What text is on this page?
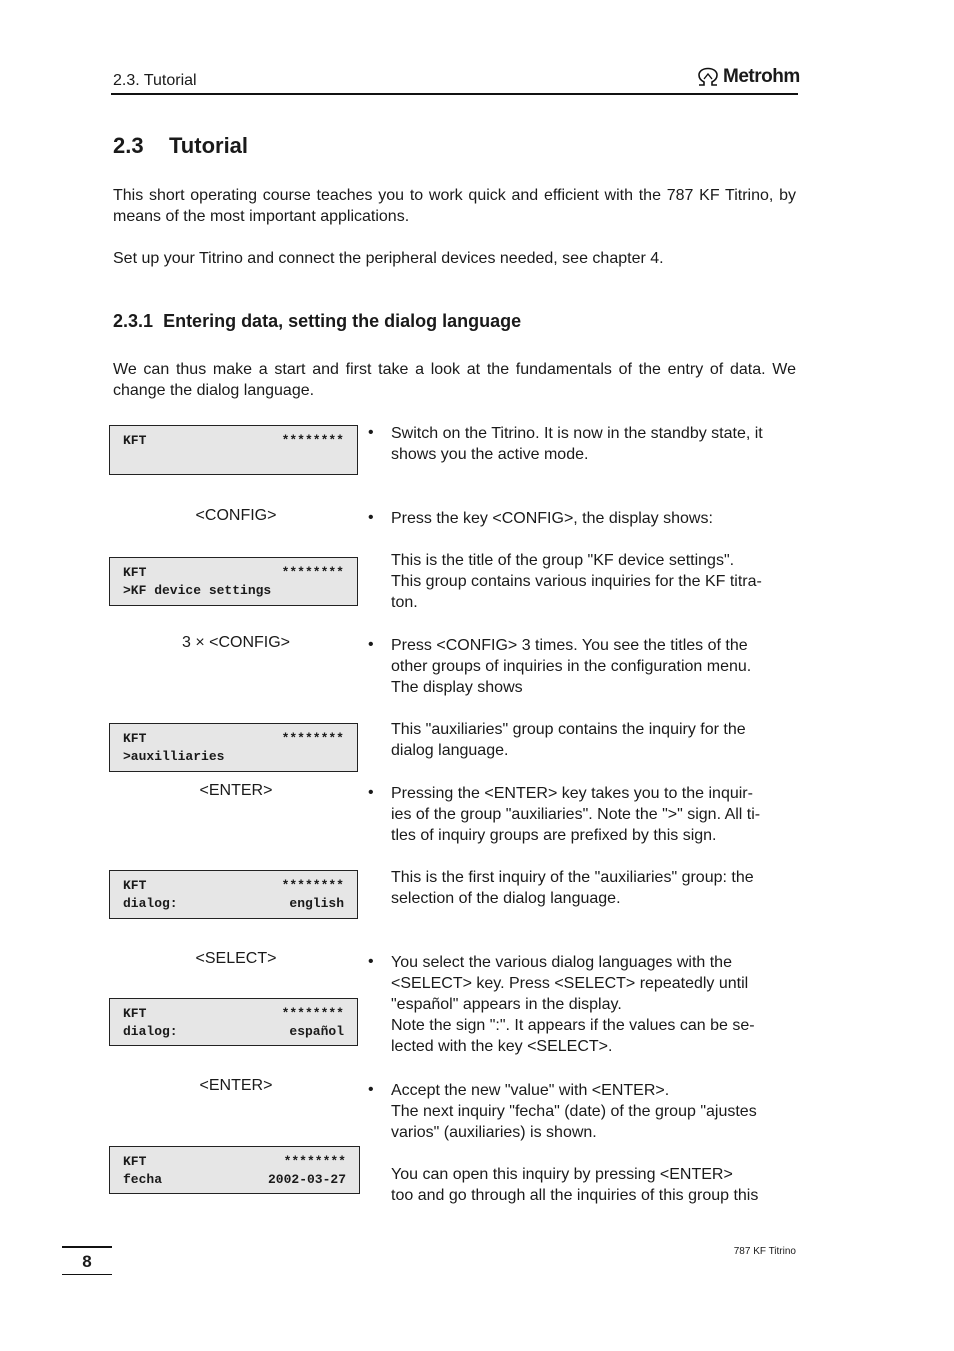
2.3. Tutorial	Metrohm
2.3 Tutorial
This short operating course teaches you to work quick and efficient with the 787 KF Titrino, by means of the most important applications.
Set up your Titrino and connect the peripheral devices needed, see chapter 4.
2.3.1 Entering data, setting the dialog language
We can thus make a start and first take a look at the fundamentals of the entry of data. We change the dialog language.
KFT	********
KFT	********
>KF device settings
KFT	********
>auxilliaries
KFT	********
dialog:	english
KFT	********
dialog:	español
KFT	********
fecha	2002-03-27
<CONFIG>
3 × <CONFIG>
<ENTER>
<SELECT>
<ENTER>
•
•
•
•
•
•
Switch on the Titrino. It is now in the standby state, it
shows you the active mode.
Press the key <CONFIG>, the display shows:
This is the title of the group "KF device settings".
This group contains various inquiries for the KF titra-
ton.
Press <CONFIG> 3 times. You see the titles of the
other groups of inquiries in the configuration menu.
The display shows
This "auxiliaries" group contains the inquiry for the
dialog language.
Pressing the <ENTER> key takes you to the inquir-
ies of the group "auxiliaries". Note the ">" sign. All ti-
tles of inquiry groups are prefixed by this sign.
This is the first inquiry of the "auxiliaries" group: the
selection of the dialog language.
You select the various dialog languages with the
<SELECT> key. Press <SELECT> repeatedly until
"español" appears in the display.
Note the sign ":". It appears if the values can be se-
lected with the key <SELECT>.
Accept the new "value" with <ENTER>.
The next inquiry "fecha" (date) of the group "ajustes
varios" (auxiliaries) is shown.
You can open this inquiry by pressing <ENTER>
too and go through all the inquiries of this group this
8
787 KF Titrino
